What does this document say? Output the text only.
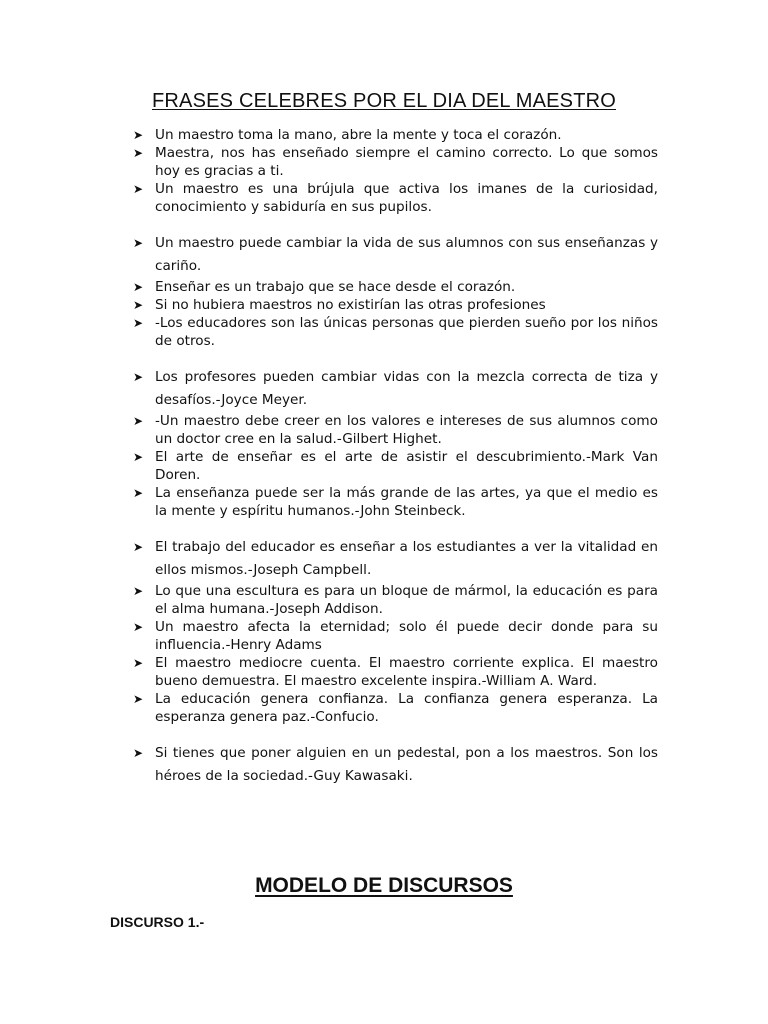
FRASES CELEBRES POR EL DIA DEL MAESTRO
➤ Un maestro toma la mano, abre la mente y toca el corazón.
➤ Maestra, nos has enseñado siempre el camino correcto. Lo que somos hoy es gracias a ti.
➤ Un maestro es una brújula que activa los imanes de la curiosidad, conocimiento y sabiduría en sus pupilos.
➤ Un maestro puede cambiar la vida de sus alumnos con sus enseñanzas y cariño.
➤ Enseñar es un trabajo que se hace desde el corazón.
➤ Si no hubiera maestros no existirían las otras profesiones
➤ -Los educadores son las únicas personas que pierden sueño por los niños de otros.
➤ Los profesores pueden cambiar vidas con la mezcla correcta de tiza y desafíos.-Joyce Meyer.
➤ -Un maestro debe creer en los valores e intereses de sus alumnos como un doctor cree en la salud.-Gilbert Highet.
➤ El arte de enseñar es el arte de asistir el descubrimiento.-Mark Van Doren.
➤ La enseñanza puede ser la más grande de las artes, ya que el medio es la mente y espíritu humanos.-John Steinbeck.
➤ El trabajo del educador es enseñar a los estudiantes a ver la vitalidad en ellos mismos.-Joseph Campbell.
➤ Lo que una escultura es para un bloque de mármol, la educación es para el alma humana.-Joseph Addison.
➤ Un maestro afecta la eternidad; solo él puede decir donde para su influencia.-Henry Adams
➤ El maestro mediocre cuenta. El maestro corriente explica. El maestro bueno demuestra. El maestro excelente inspira.-William A. Ward.
➤ La educación genera confianza. La confianza genera esperanza. La esperanza genera paz.-Confucio.
➤ Si tienes que poner alguien en un pedestal, pon a los maestros. Son los héroes de la sociedad.-Guy Kawasaki.
MODELO DE DISCURSOS
DISCURSO 1.-
